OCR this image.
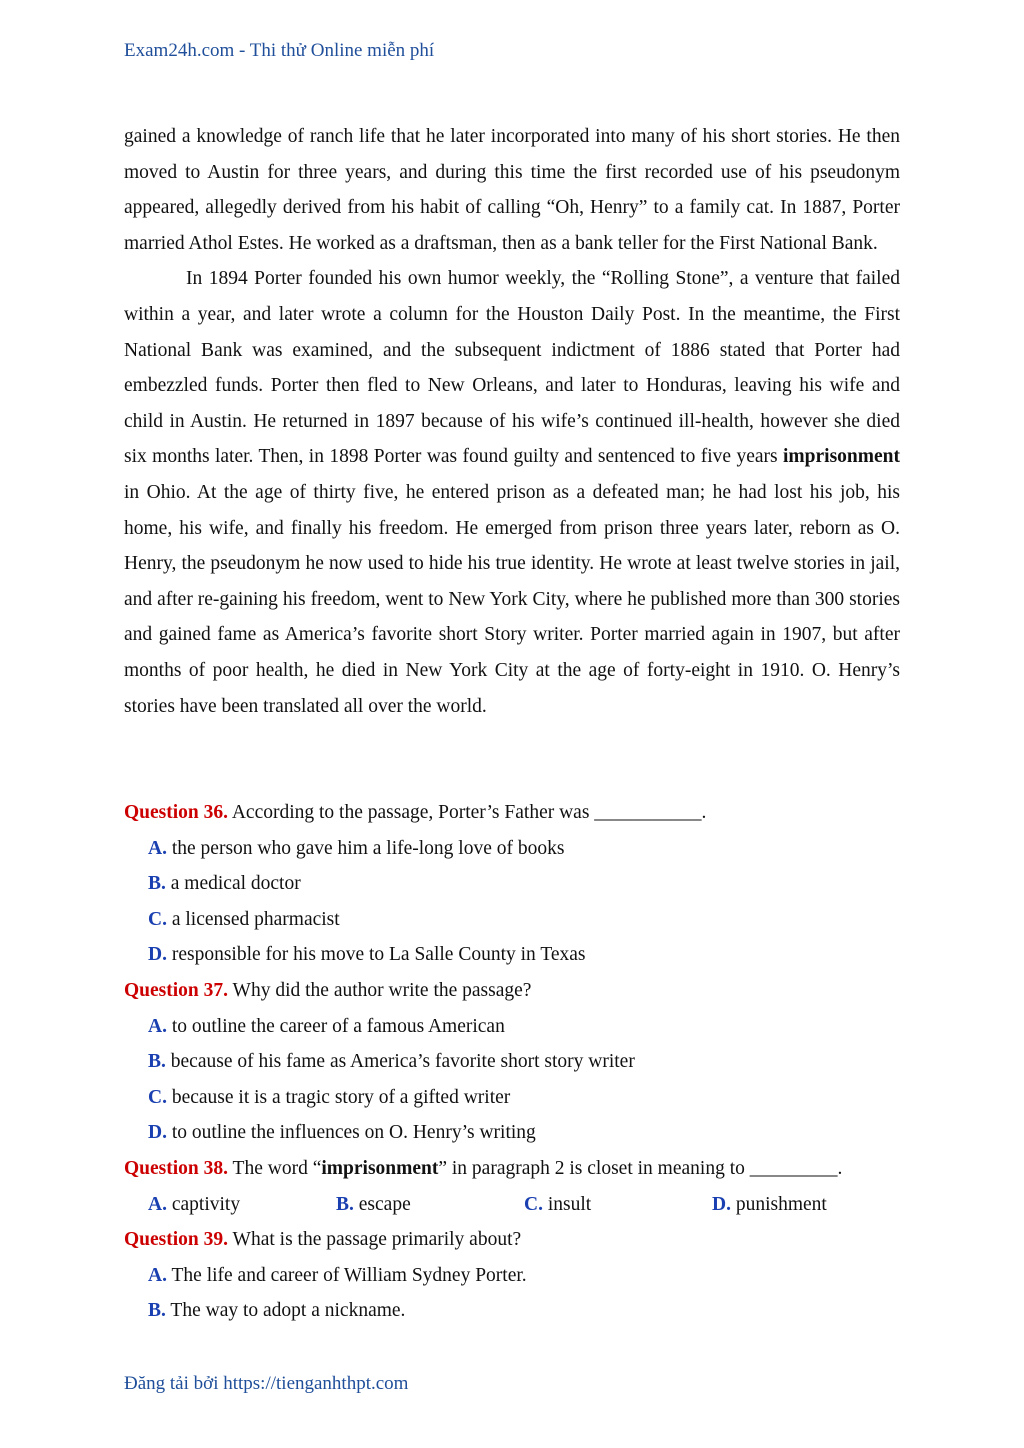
Exam24h.com - Thi thử Online miễn phí

gained a knowledge of ranch life that he later incorporated into many of his short stories. He then moved to Austin for three years, and during this time the first recorded use of his pseudonym appeared, allegedly derived from his habit of calling “Oh, Henry” to a family cat. In 1887, Porter married Athol Estes. He worked as a draftsman, then as a bank teller for the First National Bank.

In 1894 Porter founded his own humor weekly, the “Rolling Stone”, a venture that failed within a year, and later wrote a column for the Houston Daily Post. In the meantime, the First National Bank was examined, and the subsequent indictment of 1886 stated that Porter had embezzled funds. Porter then fled to New Orleans, and later to Honduras, leaving his wife and child in Austin. He returned in 1897 because of his wife’s continued ill-health, however she died six months later. Then, in 1898 Porter was found guilty and sentenced to five years imprisonment in Ohio. At the age of thirty five, he entered prison as a defeated man; he had lost his job, his home, his wife, and finally his freedom. He emerged from prison three years later, reborn as O. Henry, the pseudonym he now used to hide his true identity. He wrote at least twelve stories in jail, and after re-gaining his freedom, went to New York City, where he published more than 300 stories and gained fame as America’s favorite short Story writer. Porter married again in 1907, but after months of poor health, he died in New York City at the age of forty-eight in 1910. O. Henry’s stories have been translated all over the world.

Question 36. According to the passage, Porter’s Father was ___________.
A. the person who gave him a life-long love of books
B. a medical doctor
C. a licensed pharmacist
D. responsible for his move to La Salle County in Texas
Question 37. Why did the author write the passage?
A. to outline the career of a famous American
B. because of his fame as America’s favorite short story writer
C. because it is a tragic story of a gifted writer
D. to outline the influences on O. Henry’s writing
Question 38. The word “imprisonment” in paragraph 2 is closet in meaning to _________.
A. captivity	B. escape	C. insult	D. punishment
Question 39. What is the passage primarily about?
A. The life and career of William Sydney Porter.
B. The way to adopt a nickname.
Đăng tải bởi https://tienganhthpt.com
